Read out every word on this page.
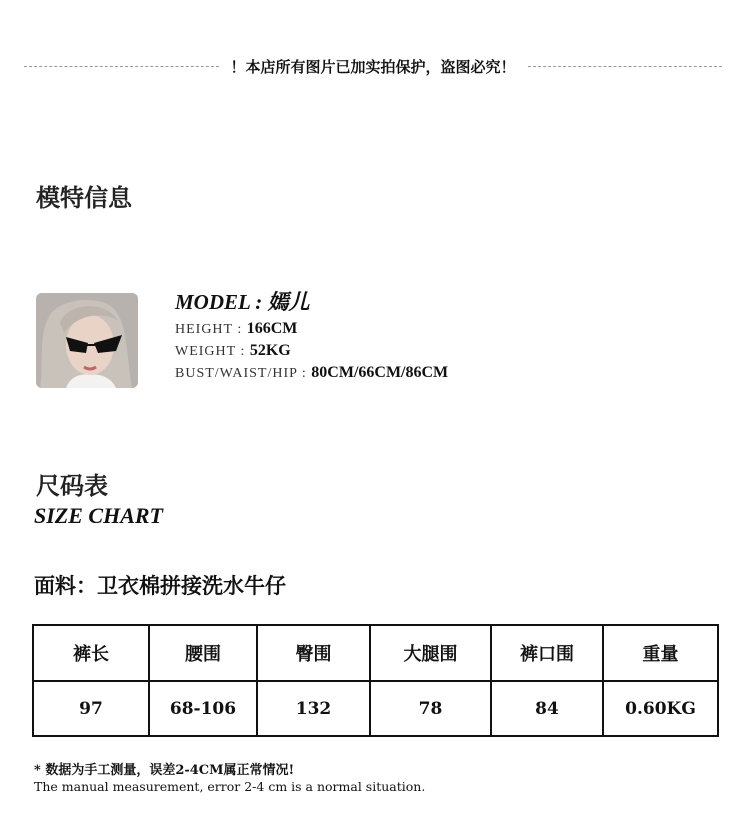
！本店所有图片已加实拍保护，盗图必究！
模特信息
MODEL : 嫣儿
HEIGHT : 166CM
WEIGHT : 52KG
BUST/WAIST/HIP : 80CM/66CM/86CM
尺码表
SIZE CHART
面料：卫衣棉拼接洗水牛仔
裤长	腰围	臀围	大腿围	裤口围	重量
97	68-106	132	78	84	0.60KG
* 数据为手工测量，误差2-4CM属正常情况!
The manual measurement, error 2-4 cm is a normal situation.
